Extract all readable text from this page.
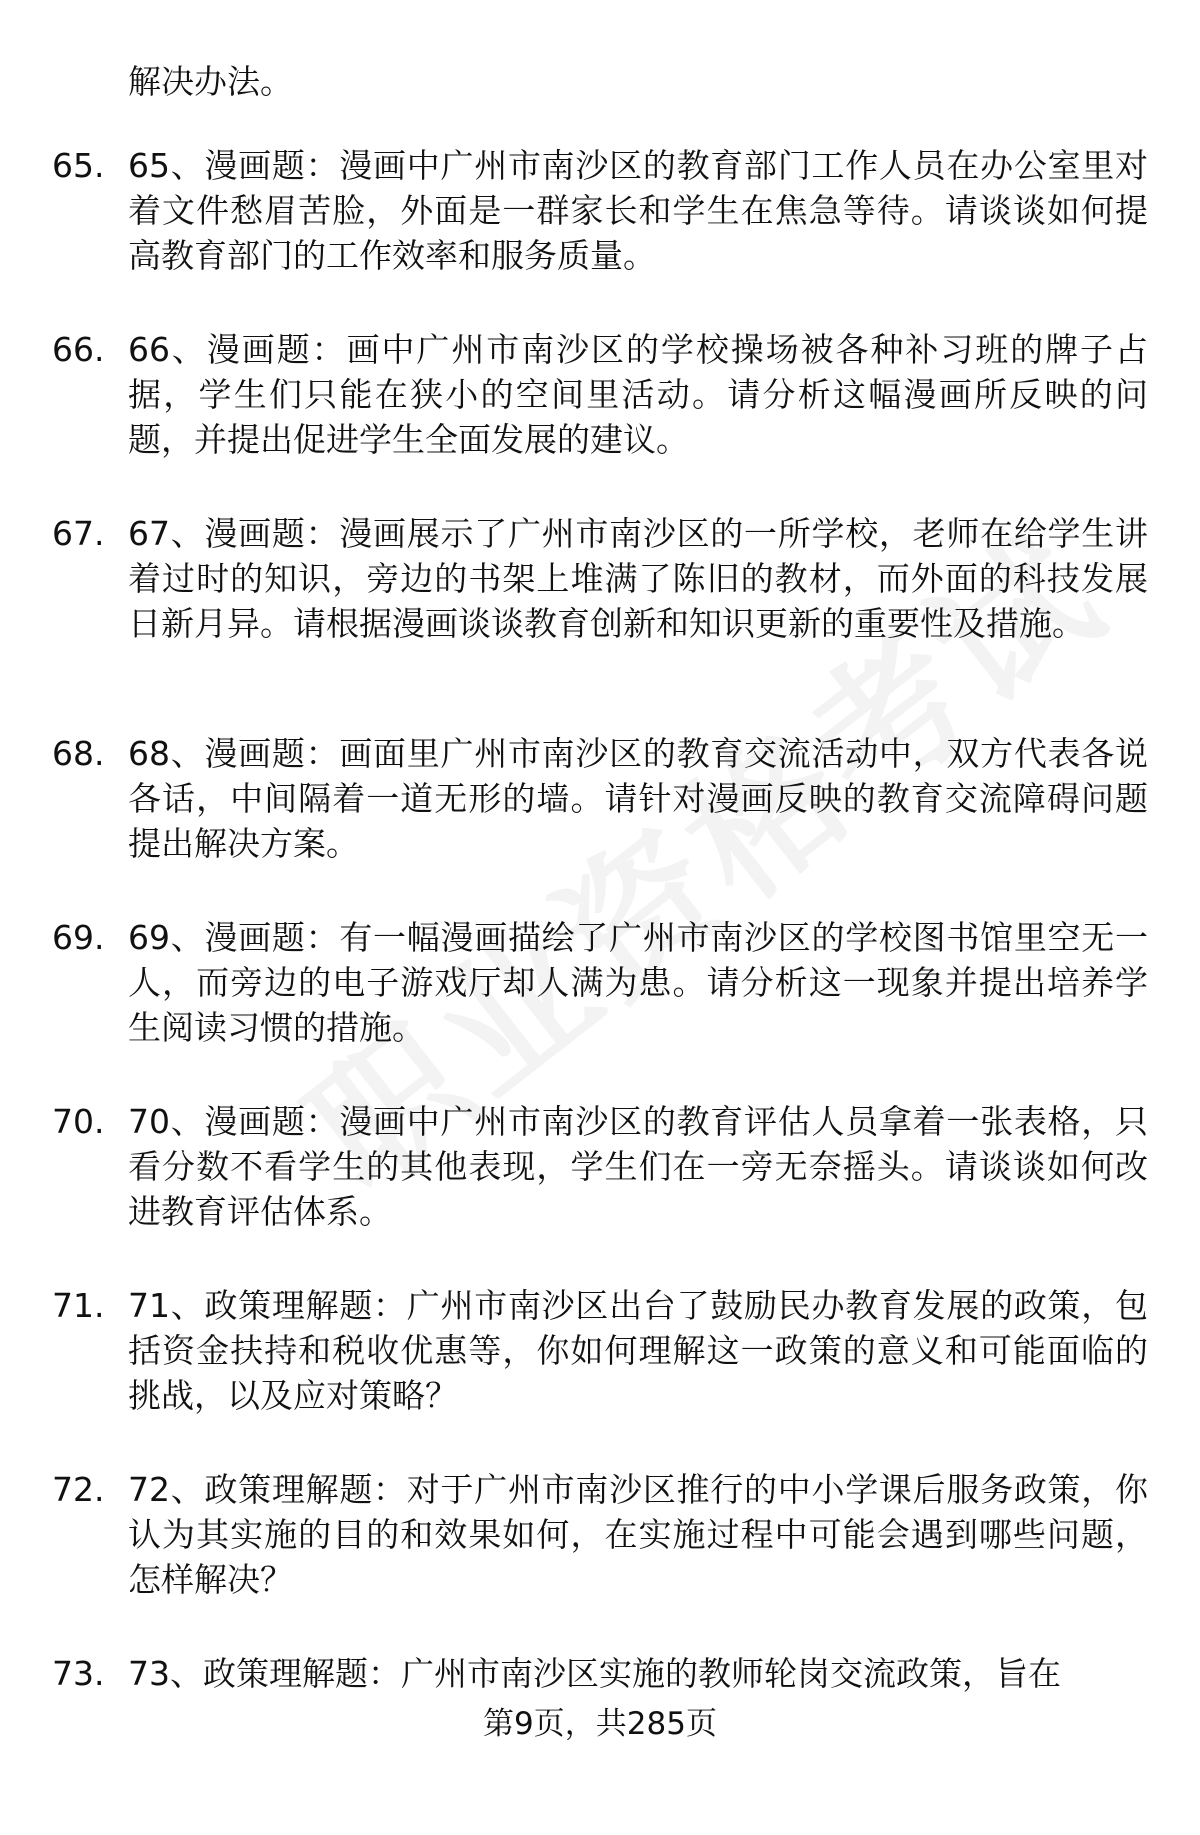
解决办法。
65. 65、漫画题：漫画中广州市南沙区的教育部门工作人员在办公室里对着文件愁眉苦脸，外面是一群家长和学生在焦急等待。请谈谈如何提高教育部门的工作效率和服务质量。
66. 66、漫画题：画中广州市南沙区的学校操场被各种补习班的牌子占据，学生们只能在狭小的空间里活动。请分析这幅漫画所反映的问题，并提出促进学生全面发展的建议。
67. 67、漫画题：漫画展示了广州市南沙区的一所学校，老师在给学生讲着过时的知识，旁边的书架上堆满了陈旧的教材，而外面的科技发展日新月异。请根据漫画谈谈教育创新和知识更新的重要性及措施。
68. 68、漫画题：画面里广州市南沙区的教育交流活动中，双方代表各说各话，中间隔着一道无形的墙。请针对漫画反映的教育交流障碍问题提出解决方案。
69. 69、漫画题：有一幅漫画描绘了广州市南沙区的学校图书馆里空无一人，而旁边的电子游戏厅却人满为患。请分析这一现象并提出培养学生阅读习惯的措施。
70. 70、漫画题：漫画中广州市南沙区的教育评估人员拿着一张表格，只看分数不看学生的其他表现，学生们在一旁无奈摇头。请谈谈如何改进教育评估体系。
71. 71、政策理解题：广州市南沙区出台了鼓励民办教育发展的政策，包括资金扶持和税收优惠等，你如何理解这一政策的意义和可能面临的挑战，以及应对策略？
72. 72、政策理解题：对于广州市南沙区推行的中小学课后服务政策，你认为其实施的目的和效果如何，在实施过程中可能会遇到哪些问题，怎样解决？
73. 73、政策理解题：广州市南沙区实施的教师轮岗交流政策，旨在
第9页，共285页
